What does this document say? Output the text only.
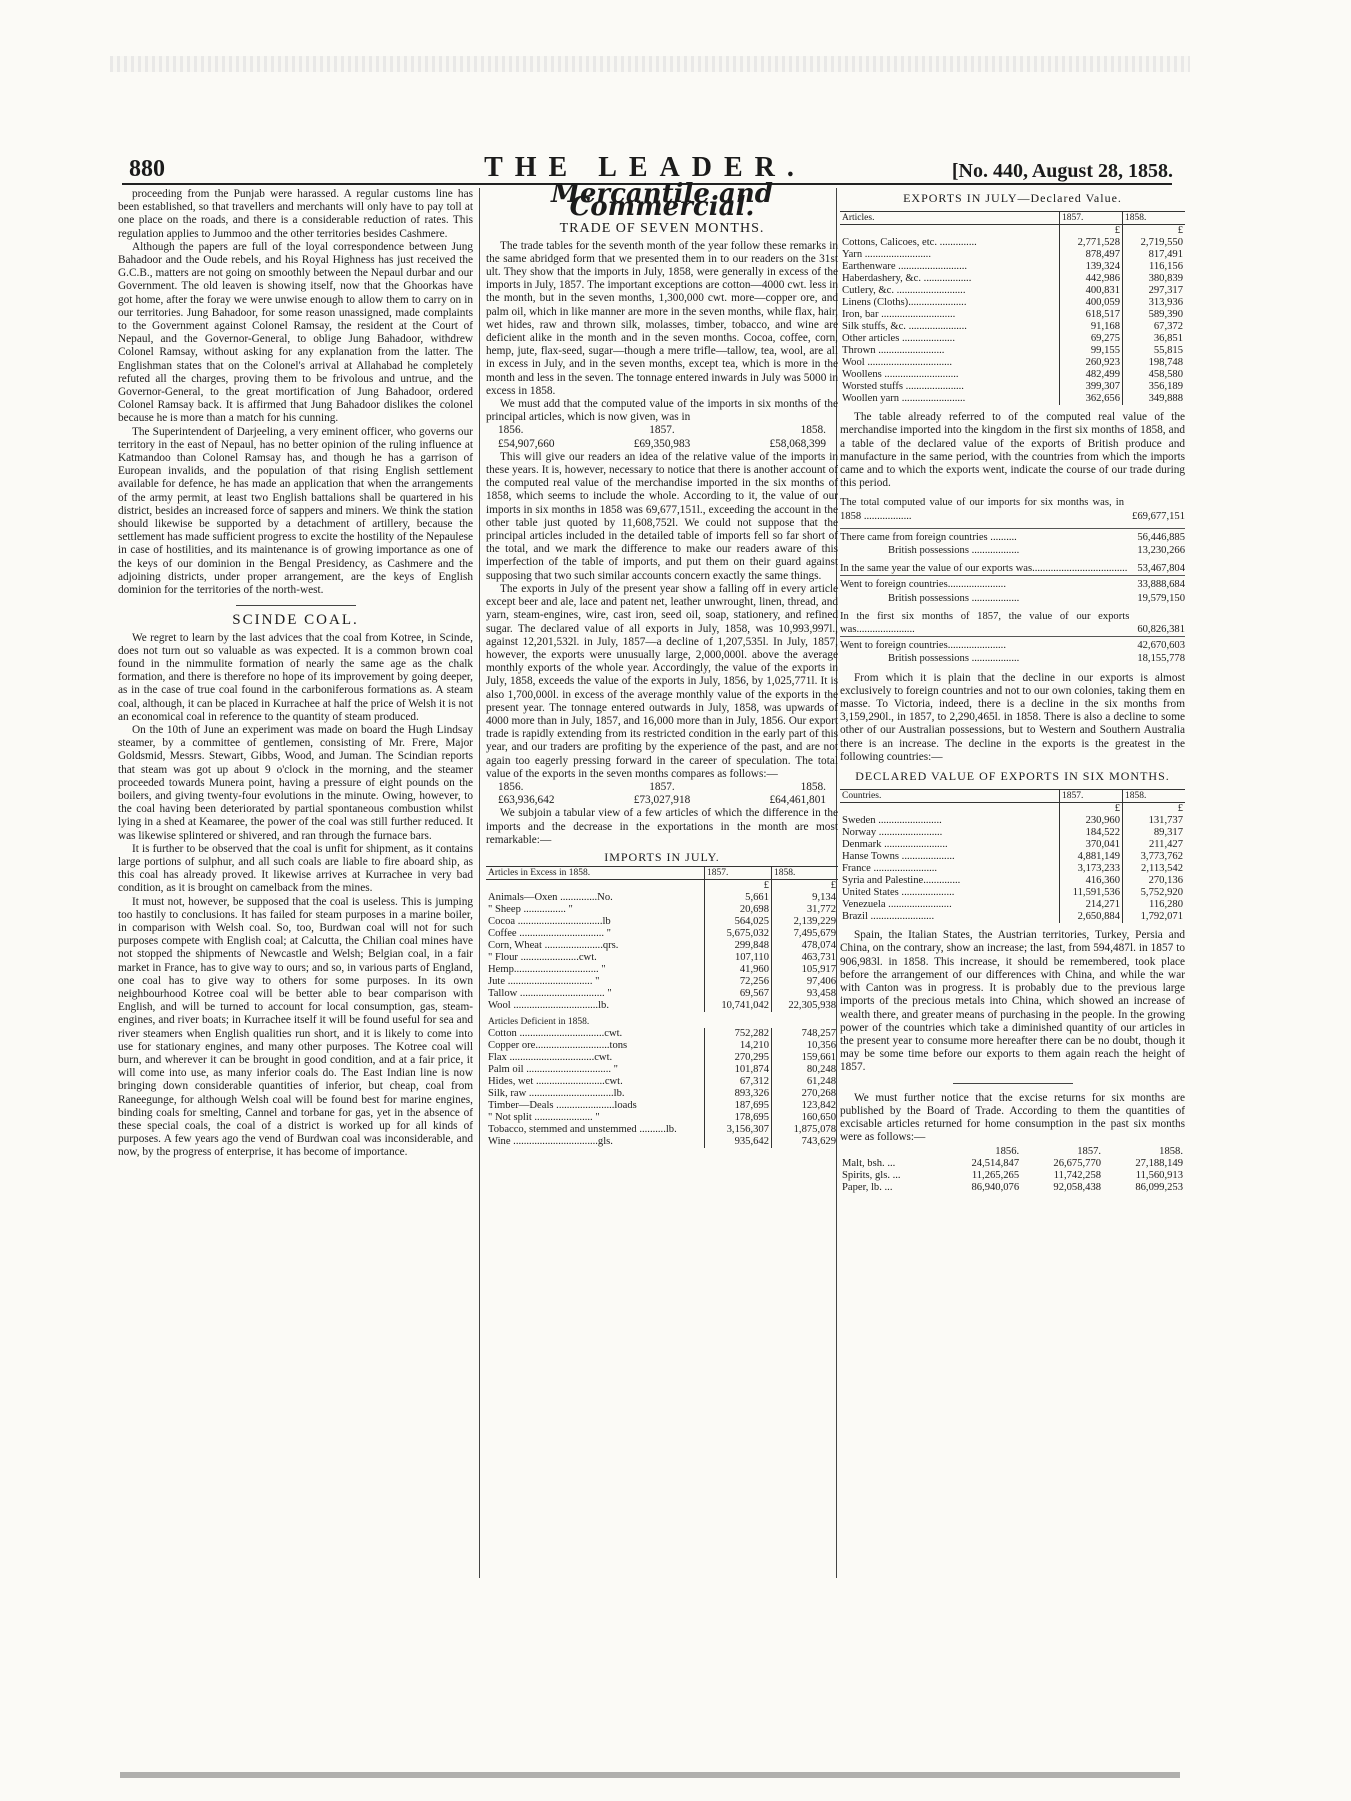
880	THE LEADER.	[No. 440, August 28, 1858.

proceeding from the Punjab were harassed. A regular customs line has been established, so that travellers and merchants will only have to pay toll at one place on the roads, and there is a considerable reduction of rates. This regulation applies to Jummoo and the other territories besides Cashmere.

Although the papers are full of the loyal correspondence between Jung Bahadoor and the Oude rebels, and his Royal Highness has just received the G.C.B., matters are not going on smoothly between the Nepaul durbar and our Government. The old leaven is showing itself, now that the Ghoorkas have got home, after the foray we were unwise enough to allow them to carry on in our territories. Jung Bahadoor, for some reason unassigned, made complaints to the Government against Colonel Ramsay, the resident at the Court of Nepaul, and the Governor-General, to oblige Jung Bahadoor, withdrew Colonel Ramsay, without asking for any explanation from the latter. The Englishman states that on the Colonel's arrival at Allahabad he completely refuted all the charges, proving them to be frivolous and untrue, and the Governor-General, to the great mortification of Jung Bahadoor, ordered Colonel Ramsay back. It is affirmed that Jung Bahadoor dislikes the colonel because he is more than a match for his cunning.

The Superintendent of Darjeeling, a very eminent officer, who governs our territory in the east of Nepaul, has no better opinion of the ruling influence at Katmandoo than Colonel Ramsay has, and though he has a garrison of European invalids, and the population of that rising English settlement available for defence, he has made an application that when the arrangements of the army permit, at least two English battalions shall be quartered in his district, besides an increased force of sappers and miners. We think the station should likewise be supported by a detachment of artillery, because the settlement has made sufficient progress to excite the hostility of the Nepaulese in case of hostilities, and its maintenance is of growing importance as one of the keys of our dominion in the Bengal Presidency, as Cashmere and the adjoining districts, under proper arrangement, are the keys of English dominion for the territories of the north-west.

SCINDE COAL.

We regret to learn by the last advices that the coal from Kotree, in Scinde, does not turn out so valuable as was expected. It is a common brown coal found in the nimmulite formation of nearly the same age as the chalk formation, and there is therefore no hope of its improvement by going deeper, as in the case of true coal found in the carboniferous formations as. A steam coal, although, it can be placed in Kurrachee at half the price of Welsh it is not an economical coal in reference to the quantity of steam produced.

On the 10th of June an experiment was made on board the Hugh Lindsay steamer, by a committee of gentlemen, consisting of Mr. Frere, Major Goldsmid, Messrs. Stewart, Gibbs, Wood, and Juman. The Scindian reports that steam was got up about 9 o'clock in the morning, and the steamer proceeded towards Munera point, having a pressure of eight pounds on the boilers, and giving twenty-four evolutions in the minute. Owing, however, to the coal having been deteriorated by partial spontaneous combustion whilst lying in a shed at Keamaree, the power of the coal was still further reduced. It was likewise splintered or shivered, and ran through the furnace bars.

It is further to be observed that the coal is unfit for shipment, as it contains large portions of sulphur, and all such coals are liable to fire aboard ship, as this coal has already proved. It likewise arrives at Kurrachee in very bad condition, as it is brought on camelback from the mines.

It must not, however, be supposed that the coal is useless. This is jumping too hastily to conclusions. It has failed for steam purposes in a marine boiler, in comparison with Welsh coal. So, too, Burdwan coal will not for such purposes compete with English coal; at Calcutta, the Chilian coal mines have not stopped the shipments of Newcastle and Welsh; Belgian coal, in a fair market in France, has to give way to ours; and so, in various parts of England, one coal has to give way to others for some purposes. In its own neighbourhood Kotree coal will be better able to bear comparison with English, and will be turned to account for local consumption, gas, steam-engines, and river boats; in Kurrachee itself it will be found useful for sea and river steamers when English qualities run short, and it is likely to come into use for stationary engines, and many other purposes. The Kotree coal will burn, and wherever it can be brought in good condition, and at a fair price, it will come into use, as many inferior coals do. The East Indian line is now bringing down considerable quantities of inferior, but cheap, coal from Raneegunge, for although Welsh coal will be found best for marine engines, binding coals for smelting, Cannel and torbane for gas, yet in the absence of these special coals, the coal of a district is worked up for all kinds of purposes. A few years ago the vend of Burdwan coal was inconsiderable, and now, by the progress of enterprise, it has become of importance.

Mercantile and Commercial.
TRADE OF SEVEN MONTHS.

The trade tables for the seventh month of the year follow these remarks in the same abridged form that we presented them in to our readers on the 31st ult. They show that the imports in July, 1858, were generally in excess of the imports in July, 1857. The important exceptions are cotton—4000 cwt. less in the month, but in the seven months, 1,300,000 cwt. more—copper ore, and palm oil, which in like manner are more in the seven months, while flax, hair, wet hides, raw and thrown silk, molasses, timber, tobacco, and wine are deficient alike in the month and in the seven months. Cocoa, coffee, corn, hemp, jute, flax-seed, sugar—though a mere trifle—tallow, tea, wool, are all in excess in July, and in the seven months, except tea, which is more in the month and less in the seven. The tonnage entered inwards in July was 5000 in excess in 1858.

We must add that the computed value of the imports in six months of the principal articles, which is now given, was in

1856.	1857.	1858.
£54,907,660	£69,350,983	£58,068,399

This will give our readers an idea of the relative value of the imports in these years. It is, however, necessary to notice that there is another account of the computed real value of the merchandise imported in the six months of 1858, which seems to include the whole. According to it, the value of our imports in six months in 1858 was 69,677,151l., exceeding the account in the other table just quoted by 11,608,752l. We could not suppose that the principal articles included in the detailed table of imports fell so far short of the total, and we mark the difference to make our readers aware of this imperfection of the table of imports, and put them on their guard against supposing that two such similar accounts concern exactly the same things.

The exports in July of the present year show a falling off in every article except beer and ale, lace and patent net, leather unwrought, linen, thread, and yarn, steam-engines, wire, cast iron, seed oil, soap, stationery, and refined sugar. The declared value of all exports in July, 1858, was 10,993,997l., against 12,201,532l. in July, 1857—a decline of 1,207,535l. In July, 1857, however, the exports were unusually large, 2,000,000l. above the average monthly exports of the whole year. Accordingly, the value of the exports in July, 1858, exceeds the value of the exports in July, 1856, by 1,025,771l. It is also 1,700,000l. in excess of the average monthly value of the exports in the present year. The tonnage entered outwards in July, 1858, was upwards of 4000 more than in July, 1857, and 16,000 more than in July, 1856. Our export trade is rapidly extending from its restricted condition in the early part of this year, and our traders are profiting by the experience of the past, and are not again too eagerly pressing forward in the career of speculation. The total value of the exports in the seven months compares as follows:—

1856.	1857.	1858.
£63,936,642	£73,027,918	£64,461,801

We subjoin a tabular view of a few articles of which the difference in the imports and the decrease in the exportations in the month are most remarkable:—

IMPORTS IN JULY.
Articles in Excess in 1858.	1857.	1858.
	£	£
Animals—Oxen ..............No.	5,661	9,134
" Sheep ................ "	20,698	31,772
Cocoa ................................lb	564,025	2,139,229
Coffee ................................ "	5,675,032	7,495,679
Corn, Wheat ......................qrs.	299,848	478,074
" Flour ......................cwt.	107,110	463,731
Hemp................................ "	41,960	105,917
Jute ................................ "	72,256	97,406
Tallow ................................ "	69,567	93,458
Wool ................................lb.	10,741,042	22,305,938
Articles Deficient in 1858.		
Cotton ................................cwt.	752,282	748,257
Copper ore............................tons	14,210	10,356
Flax ................................cwt.	270,295	159,661
Palm oil ................................ "	101,874	80,248
Hides, wet ..........................cwt.	67,312	61,248
Silk, raw ................................lb.	893,326	270,268
Timber—Deals ......................loads	187,695	123,842
" Not split ...................... "	178,695	160,650
Tobacco, stemmed and unstemmed ..........lb.	3,156,307	1,875,078
Wine ................................gls.	935,642	743,629
EXPORTS IN JULY—Declared Value.
Articles.	1857.	1858.
	£	£
Cottons, Calicoes, etc. ..............	2,771,528	2,719,550
Yarn .........................	878,497	817,491
Earthenware ..........................	139,324	116,156
Haberdashery, &c. ..................	442,986	380,839
Cutlery, &c. ..........................	400,831	297,317
Linens (Cloths)......................	400,059	313,936
Iron, bar ............................	618,517	589,390
Silk stuffs, &c. ......................	91,168	67,372
Other articles ....................	69,275	36,851
Thrown .........................	99,155	55,815
Wool ................................	260,923	198,748
Woollens ............................	482,499	458,580
Worsted stuffs ......................	399,307	356,189
Woollen yarn ........................	362,656	349,888

The table already referred to of the computed real value of the merchandise imported into the kingdom in the first six months of 1858, and a table of the declared value of the exports of British produce and manufacture in the same period, with the countries from which the imports came and to which the exports went, indicate the course of our trade during this period.

The total computed value of our imports for six months was, in 1858 ..................	£69,677,151
There came from foreign countries ..........	56,446,885
British possessions ..................	13,230,266
In the same year the value of our exports was.................................... 53,467,804
Went to foreign countries......................	33,888,684
British possessions ..................	19,579,150
In the first six months of 1857, the value of our exports was......................	60,826,381
Went to foreign countries......................	42,670,603
British possessions ..................	18,155,778

From which it is plain that the decline in our exports is almost exclusively to foreign countries and not to our own colonies, taking them en masse. To Victoria, indeed, there is a decline in the six months from 3,159,290l., in 1857, to 2,290,465l. in 1858. There is also a decline to some other of our Australian possessions, but to Western and Southern Australia there is an increase. The decline in the exports is the greatest in the following countries:—

DECLARED VALUE OF EXPORTS IN SIX MONTHS.
Countries.	1857.	1858.
	£	£
Sweden ........................	230,960	131,737
Norway ........................	184,522	89,317
Denmark ........................	370,041	211,427
Hanse Towns ....................	4,881,149	3,773,762
France ........................	3,173,233	2,113,542
Syria and Palestine..............	416,360	270,136
United States ....................	11,591,536	5,752,920
Venezuela ........................	214,271	116,280
Brazil ........................	2,650,884	1,792,071

Spain, the Italian States, the Austrian territories, Turkey, Persia and China, on the contrary, show an increase; the last, from 594,487l. in 1857 to 906,983l. in 1858. This increase, it should be remembered, took place before the arrangement of our differences with China, and while the war with Canton was in progress. It is probably due to the previous large imports of the precious metals into China, which showed an increase of wealth there, and greater means of purchasing in the people. In the growing power of the countries which take a diminished quantity of our articles in the present year to consume more hereafter there can be no doubt, though it may be some time before our exports to them again reach the height of 1857.

We must further notice that the excise returns for six months are published by the Board of Trade. According to them the quantities of excisable articles returned for home consumption in the past six months were as follows:—

	1856.	1857.	1858.
Malt, bsh. ...	24,514,847	26,675,770	27,188,149
Spirits, gls. ...	11,265,265	11,742,258	11,560,913
Paper, lb. ...	86,940,076	92,058,438	86,099,253
